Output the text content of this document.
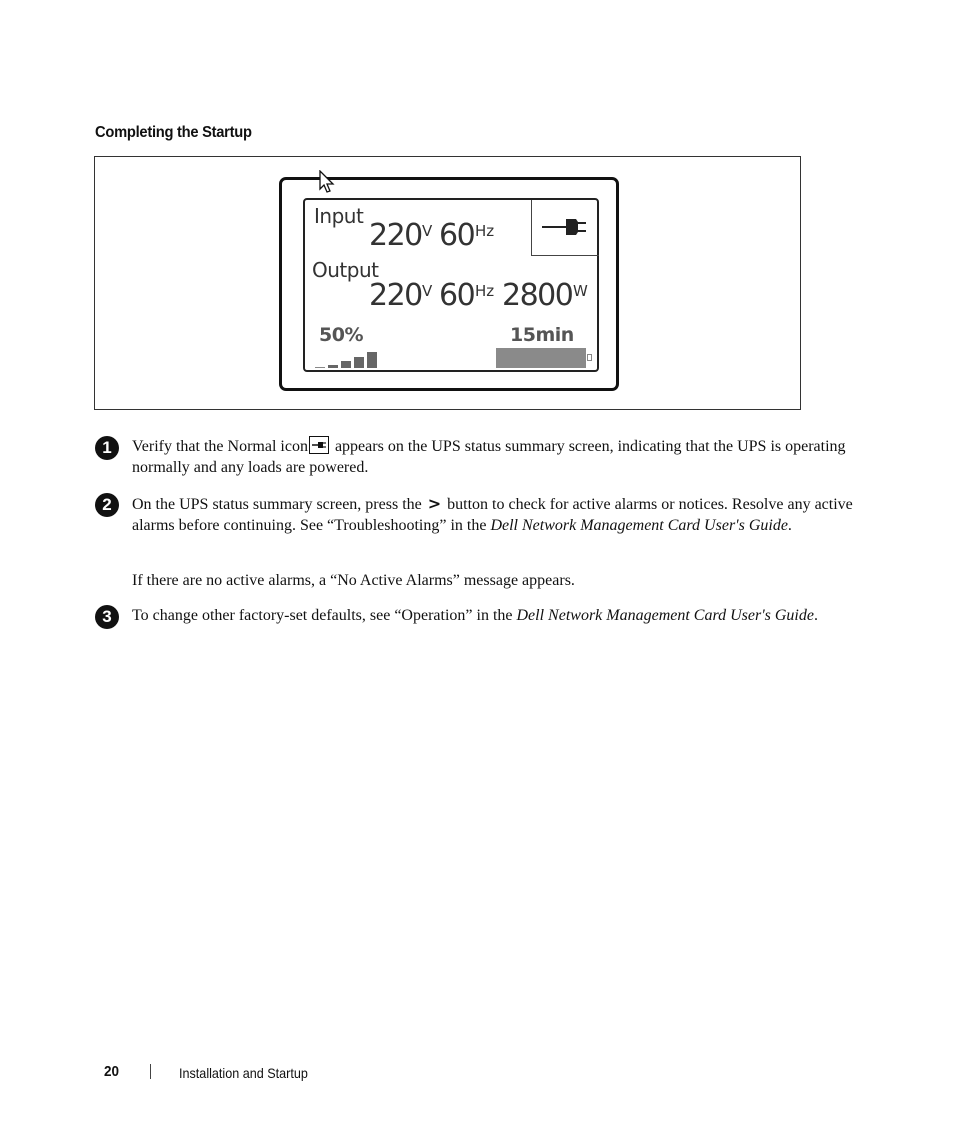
Completing the Startup
Input
220 V 60 Hz
Output
220 V 60 Hz 2800 W
50%	15min
1	Verify that the Normal icon
appears on the UPS status summary screen, indicating that the UPS is operating normally and any loads are powered.
2	On the UPS status summary screen, press the > button to check for active alarms or notices. Resolve any active alarms before continuing. See “Troubleshooting” in the Dell Network Management Card User's Guide.
If there are no active alarms, a “No Active Alarms” message appears.
3	To change other factory-set defaults, see “Operation” in the Dell Network Management Card User's Guide.
20	Installation and Startup
